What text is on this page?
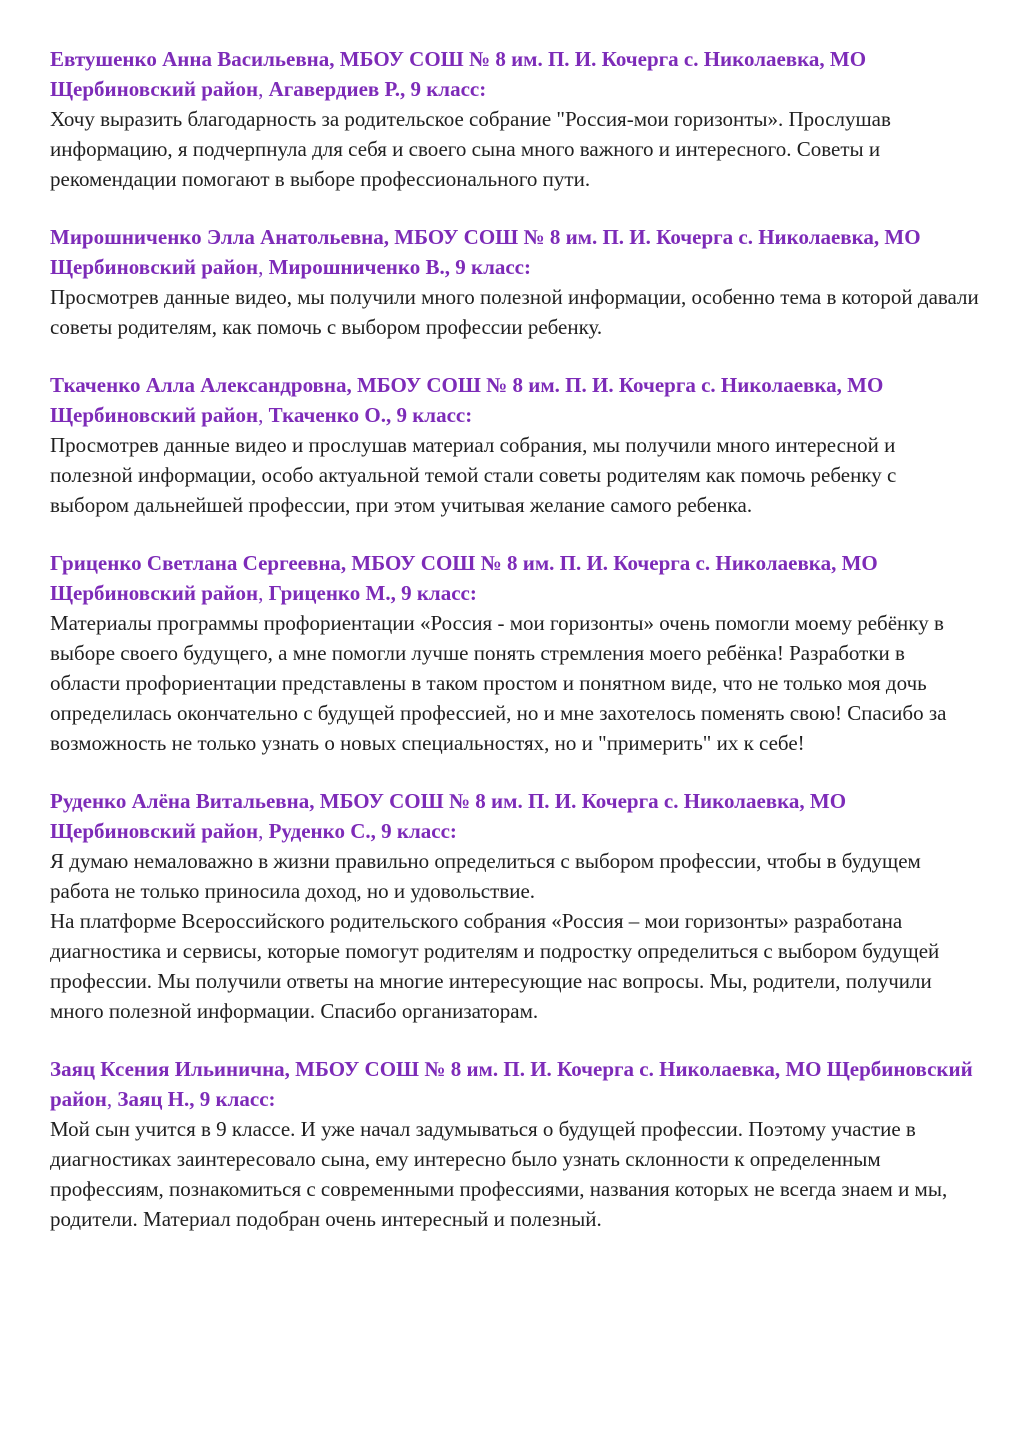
Евтушенко Анна Васильевна, МБОУ СОШ № 8 им. П. И. Кочерга с. Николаевка, МО Щербиновский район, Агавердиев Р., 9 класс:

Хочу выразить благодарность за родительское собрание "Россия-мои горизонты». Прослушав информацию, я подчерпнула для себя и своего сына много важного и интересного. Советы и рекомендации помогают в выборе профессионального пути.

Мирошниченко Элла Анатольевна, МБОУ СОШ № 8 им. П. И. Кочерга с. Николаевка, МО Щербиновский район, Мирошниченко В., 9 класс:

Просмотрев данные видео, мы получили много полезной информации, особенно тема в которой давали советы родителям, как помочь с выбором профессии ребенку.

Ткаченко Алла Александровна, МБОУ СОШ № 8 им. П. И. Кочерга с. Николаевка, МО Щербиновский район, Ткаченко О., 9 класс:

Просмотрев данные видео и прослушав материал собрания, мы получили много интересной и полезной информации, особо актуальной темой стали советы родителям как помочь ребенку с выбором дальнейшей профессии, при этом учитывая желание самого ребенка.

Гриценко Светлана Сергеевна, МБОУ СОШ № 8 им. П. И. Кочерга с. Николаевка, МО Щербиновский район, Гриценко М., 9 класс:

Материалы программы профориентации «Россия - мои горизонты» очень помогли моему ребёнку в выборе своего будущего, а мне помогли лучше понять стремления моего ребёнка! Разработки в области профориентации представлены в таком простом и понятном виде, что не только моя дочь определилась окончательно с будущей профессией, но и мне захотелось поменять свою! Спасибо за возможность не только узнать о новых специальностях, но и "примерить" их к себе!

Руденко Алёна Витальевна, МБОУ СОШ № 8 им. П. И. Кочерга с. Николаевка, МО Щербиновский район, Руденко С., 9 класс:

Я думаю немаловажно в жизни правильно определиться с выбором профессии, чтобы в будущем работа не только приносила доход, но и удовольствие.
На платформе Всероссийского родительского собрания «Россия – мои горизонты» разработана диагностика и сервисы, которые помогут родителям и подростку определиться с выбором будущей профессии. Мы получили ответы на многие интересующие нас вопросы. Мы, родители, получили много полезной информации. Спасибо организаторам.

Заяц Ксения Ильинична, МБОУ СОШ № 8 им. П. И. Кочерга с. Николаевка, МО Щербиновский район, Заяц Н., 9 класс:

Мой сын учится в 9 классе. И уже начал задумываться о будущей профессии. Поэтому участие в диагностиках заинтересовало сына, ему интересно было узнать склонности к определенным профессиям, познакомиться с современными профессиями, названия которых не всегда знаем и мы, родители. Материал подобран очень интересный и полезный.
